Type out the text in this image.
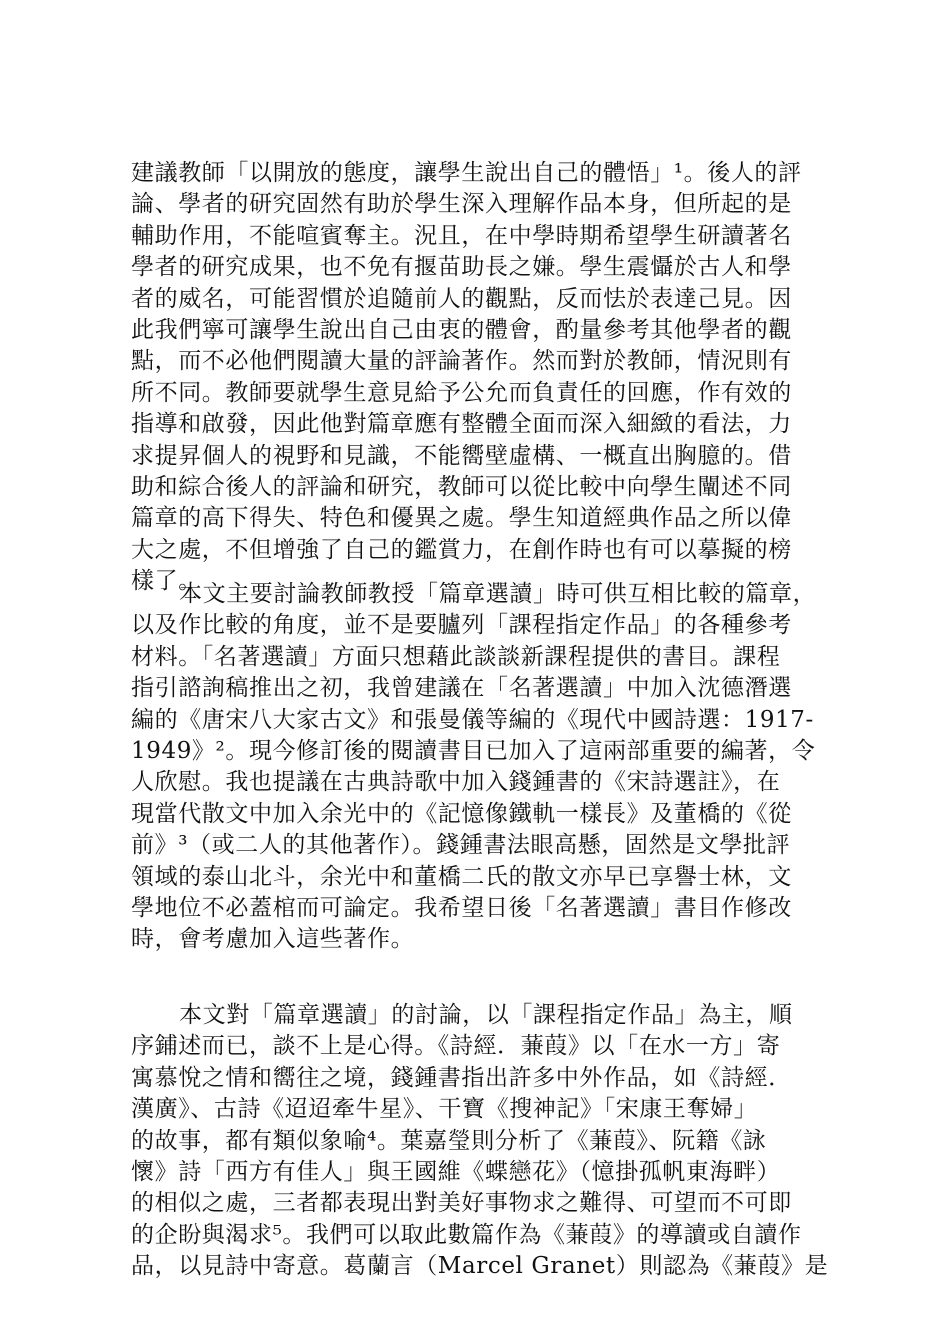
建議教師「以開放的態度，讓學生說出自己的體悟」¹。後人的評
論、學者的研究固然有助於學生深入理解作品本身，但所起的是
輔助作用，不能喧賓奪主。況且，在中學時期希望學生研讀著名
學者的研究成果，也不免有揠苗助長之嫌。學生震懾於古人和學
者的威名，可能習慣於追隨前人的觀點，反而怯於表達己見。因
此我們寧可讓學生說出自己由衷的體會，酌量參考其他學者的觀
點，而不必他們閱讀大量的評論著作。然而對於教師，情況則有
所不同。教師要就學生意見給予公允而負責任的回應，作有效的
指導和啟發，因此他對篇章應有整體全面而深入細緻的看法，力
求提昇個人的視野和見識，不能嚮壁虛構、一概直出胸臆的。借
助和綜合後人的評論和研究，教師可以從比較中向學生闡述不同
篇章的高下得失、特色和優異之處。學生知道經典作品之所以偉
大之處，不但增強了自己的鑑賞力，在創作時也有可以摹擬的榜
樣了。
本文主要討論教師教授「篇章選讀」時可供互相比較的篇章，
以及作比較的角度，並不是要臚列「課程指定作品」的各種參考
材料。「名著選讀」方面只想藉此談談新課程提供的書目。課程
指引諮詢稿推出之初，我曾建議在「名著選讀」中加入沈德潛選
編的《唐宋八大家古文》和張曼儀等編的《現代中國詩選：1917-
1949》²。現今修訂後的閱讀書目已加入了這兩部重要的編著，令
人欣慰。我也提議在古典詩歌中加入錢鍾書的《宋詩選註》，在
現當代散文中加入余光中的《記憶像鐵軌一樣長》及董橋的《從
前》³（或二人的其他著作）。錢鍾書法眼高懸，固然是文學批評
領域的泰山北斗，余光中和董橋二氏的散文亦早已享譽士林，文
學地位不必蓋棺而可論定。我希望日後「名著選讀」書目作修改
時，會考慮加入這些著作。
本文對「篇章選讀」的討論，以「課程指定作品」為主，順
序鋪述而已，談不上是心得。《詩經．蒹葭》以「在水一方」寄
寓慕悅之情和嚮往之境，錢鍾書指出許多中外作品，如《詩經．
漢廣》、古詩《迢迢牽牛星》、干寶《搜神記》「宋康王奪婦」
的故事，都有類似象喻⁴。葉嘉瑩則分析了《蒹葭》、阮籍《詠
懷》詩「西方有佳人」與王國維《蝶戀花》（憶掛孤帆東海畔）
的相似之處，三者都表現出對美好事物求之難得、可望而不可即
的企盼與渴求⁵。我們可以取此數篇作為《蒹葭》的導讀或自讀作
品，以見詩中寄意。葛蘭言（Marcel Granet）則認為《蒹葭》是
